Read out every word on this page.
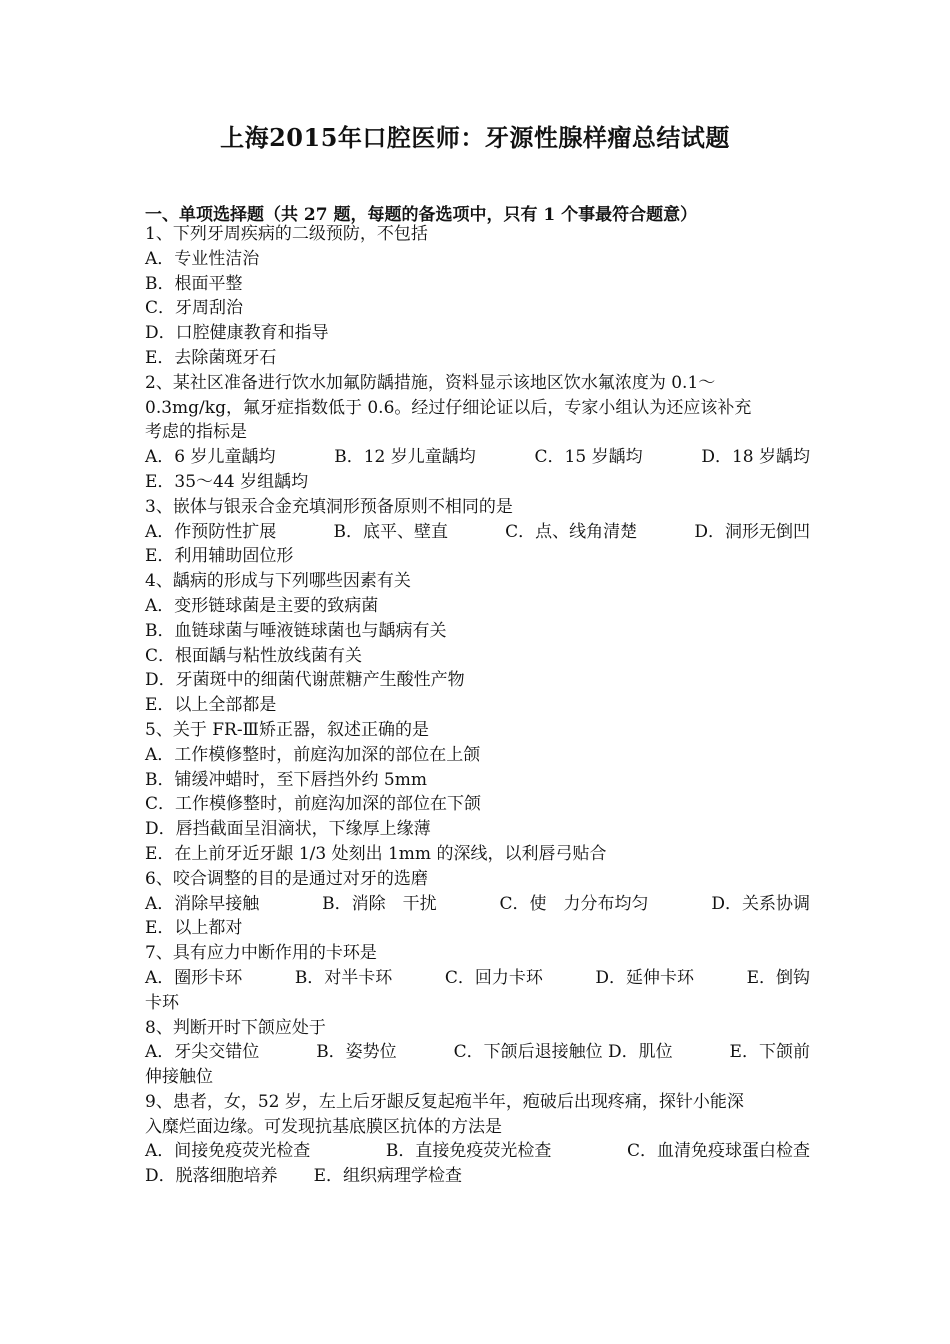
上海2015年口腔医师：牙源性腺样瘤总结试题
一、单项选择题（共 27 题，每题的备选项中，只有 1 个事最符合题意）
1、下列牙周疾病的二级预防，不包括
A．专业性洁治
B．根面平整
C．牙周刮治
D．口腔健康教育和指导
E．去除菌斑牙石
2、某社区准备进行饮水加氟防龋措施，资料显示该地区饮水氟浓度为 0.1～
0.3mg/kg，氟牙症指数低于 0.6。经过仔细论证以后，专家小组认为还应该补充
考虑的指标是
A．6 岁儿童龋均	B．12 岁儿童龋均	C．15 岁龋均	D．18 岁龋均
E．35～44 岁组龋均
3、嵌体与银汞合金充填洞形预备原则不相同的是
A．作预防性扩展	B．底平、壁直	C．点、线角清楚	D．洞形无倒凹
E．利用辅助固位形
4、龋病的形成与下列哪些因素有关
A．变形链球菌是主要的致病菌
B．血链球菌与唾液链球菌也与龋病有关
C．根面龋与粘性放线菌有关
D．牙菌斑中的细菌代谢蔗糖产生酸性产物
E．以上全部都是
5、关于 FR-Ⅲ矫正器，叙述正确的是
A．工作模修整时，前庭沟加深的部位在上颌
B．铺缓冲蜡时，至下唇挡外约 5mm
C．工作模修整时，前庭沟加深的部位在下颌
D．唇挡截面呈泪滴状，下缘厚上缘薄
E．在上前牙近牙龈 1/3 处刻出 1mm 的深线，以利唇弓贴合
6、咬合调整的目的是通过对牙的选磨
A．消除早接触	B．消除　干扰	C．使　力分布均匀	D．关系协调
E．以上都对
7、具有应力中断作用的卡环是
A．圈形卡环	B．对半卡环	C．回力卡环	D．延伸卡环	E．倒钩
卡环
8、判断开时下颌应处于
A．牙尖交错位	B．姿势位	C．下颌后退接触位 D．肌位	E．下颌前
伸接触位
9、患者，女，52 岁，左上后牙龈反复起疱半年，疱破后出现疼痛，探针小能深
入糜烂面边缘。可发现抗基底膜区抗体的方法是
A．间接免疫荧光检查	B．直接免疫荧光检查	C．血清免疫球蛋白检查
D．脱落细胞培养 E．组织病理学检查
